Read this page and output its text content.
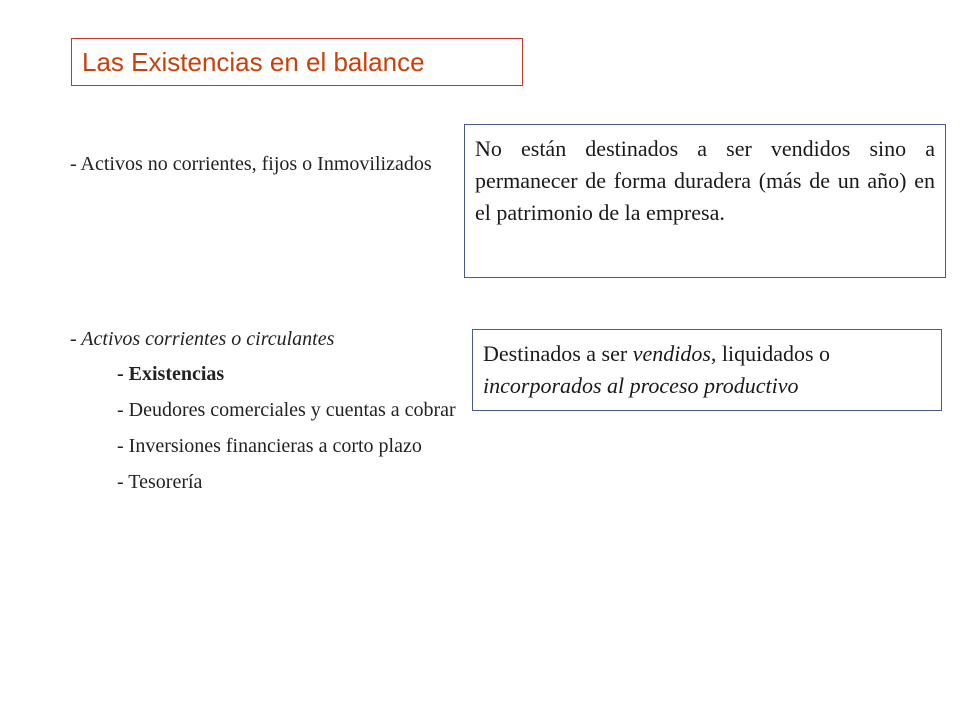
Las Existencias en el balance
- Activos no corrientes, fijos o Inmovilizados
No están destinados a ser vendidos sino a permanecer de forma duradera (más de un año) en el patrimonio de la empresa.
- Activos corrientes o circulantes
- Existencias
- Deudores comerciales y cuentas a cobrar
- Inversiones financieras a corto plazo
- Tesorería
Destinados a ser vendidos, liquidados o incorporados al proceso productivo
